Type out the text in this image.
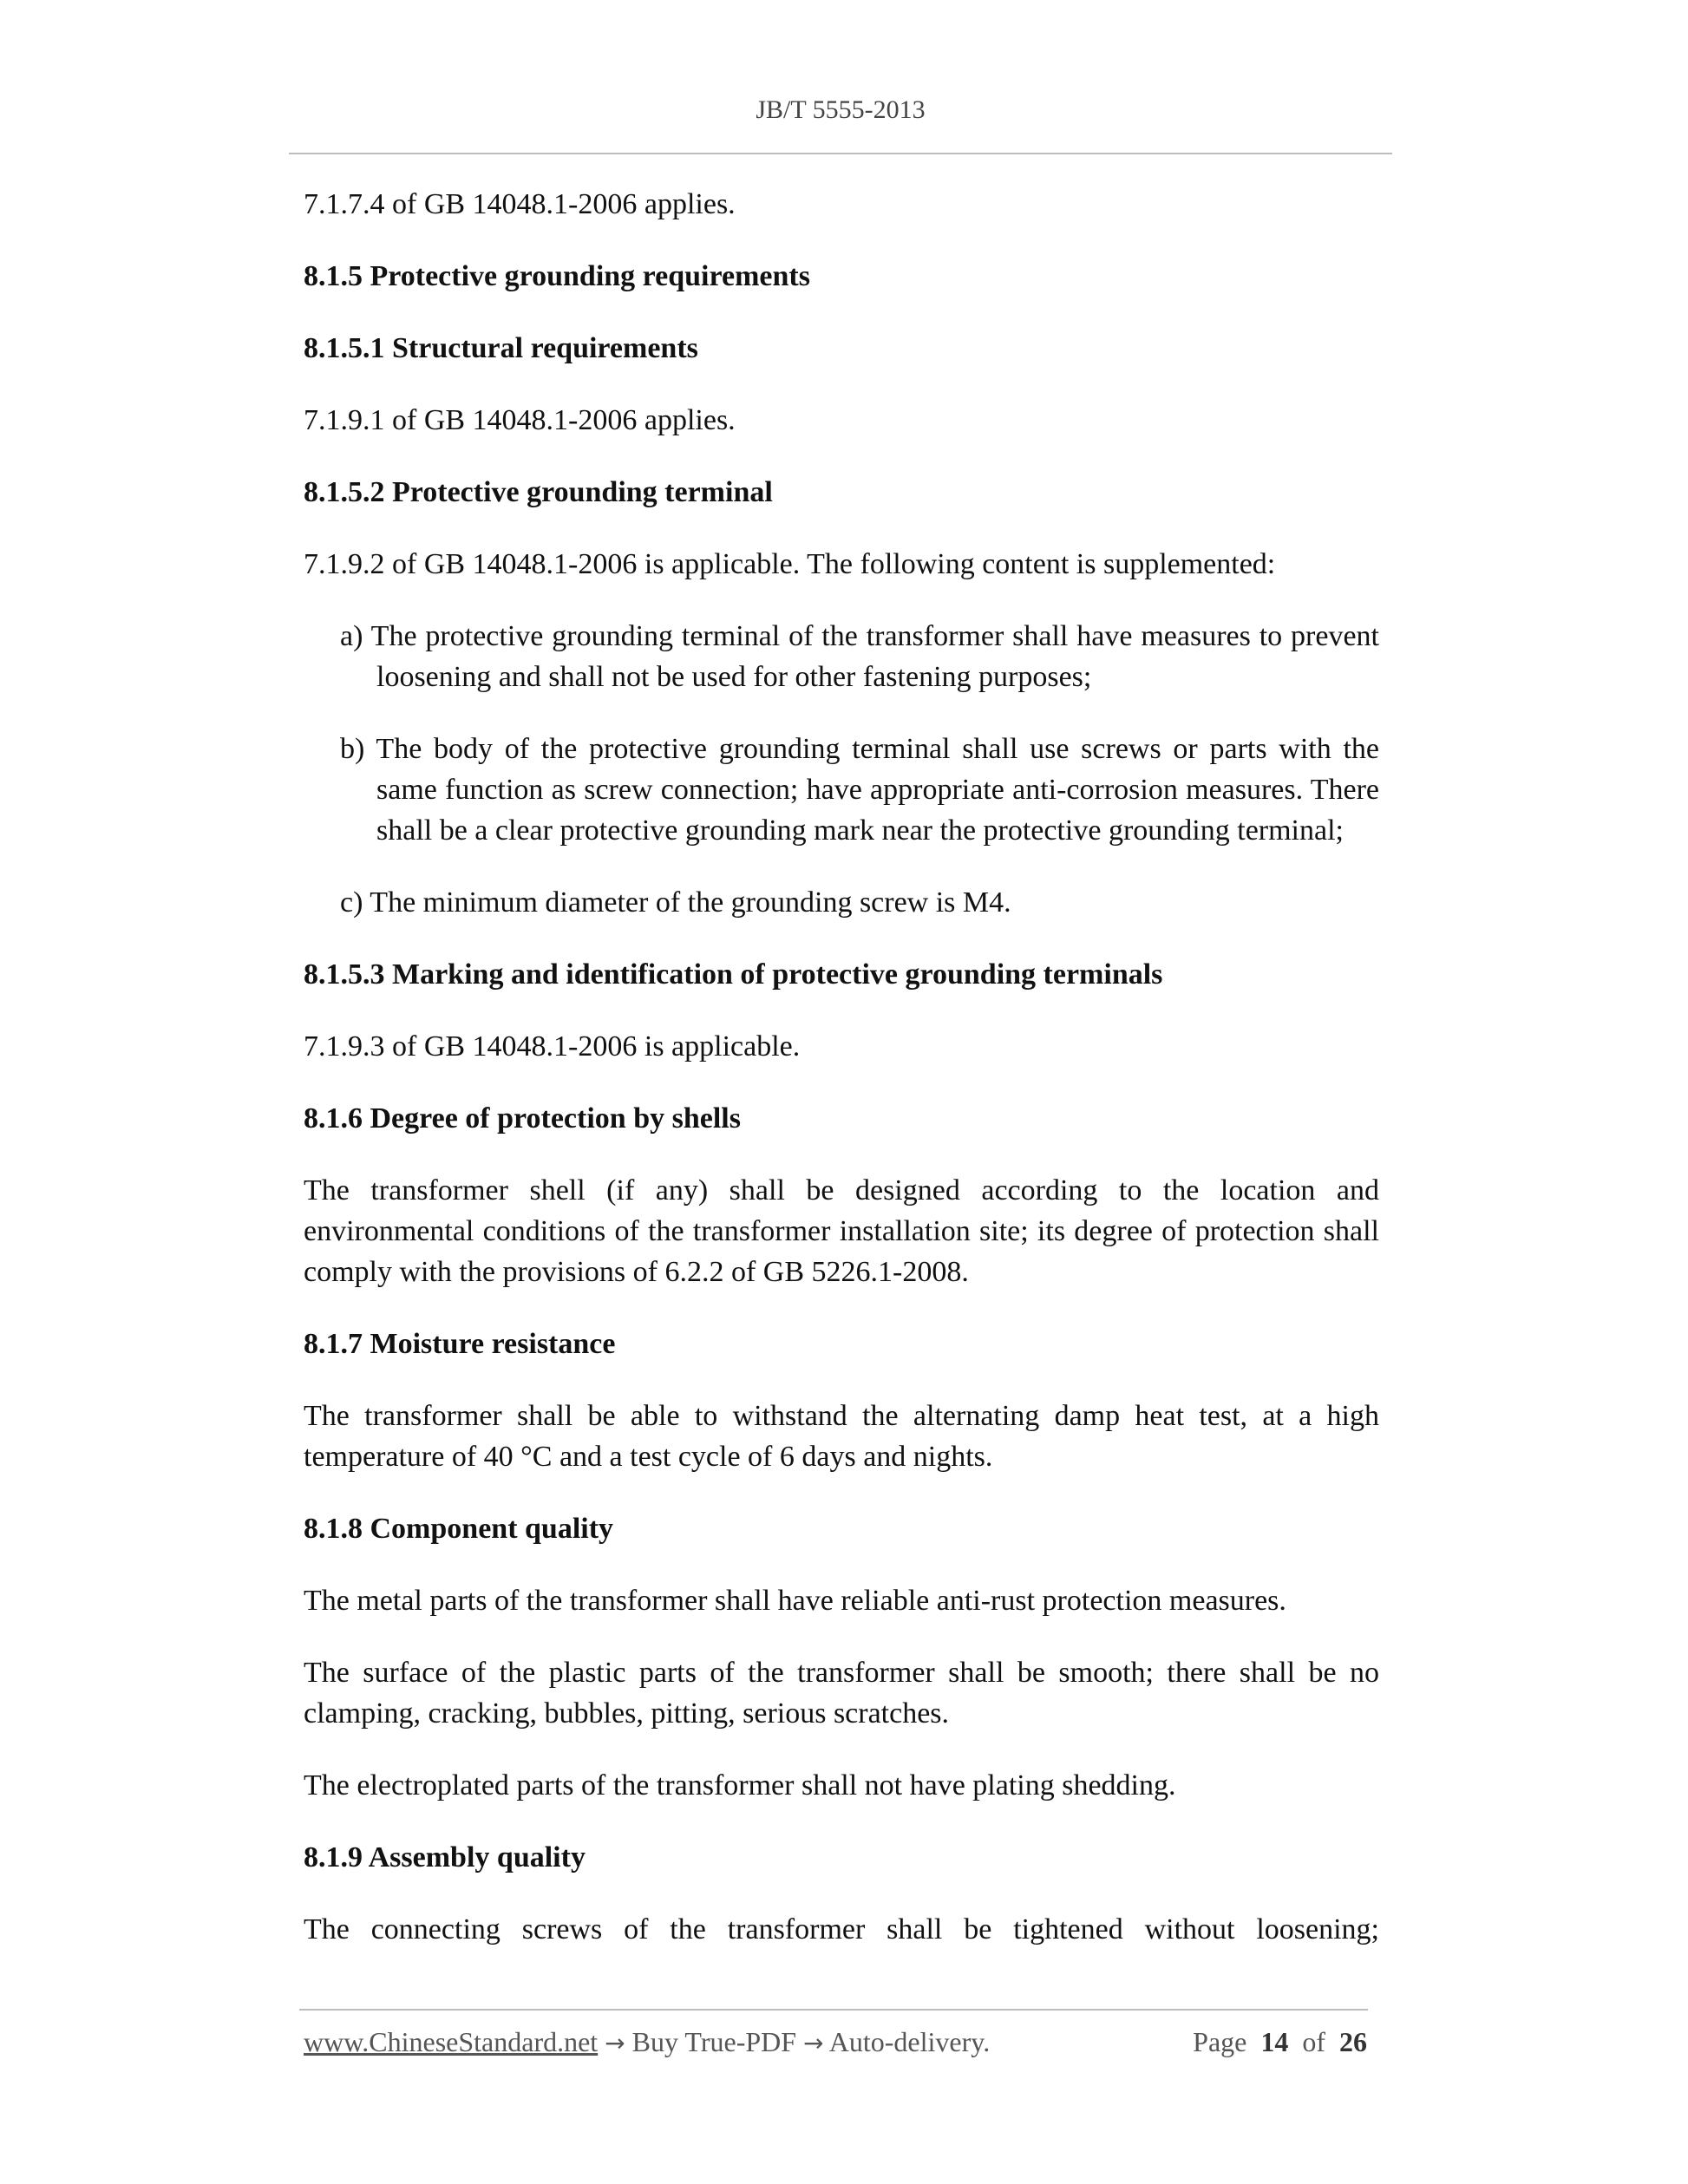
JB/T 5555-2013

7.1.7.4 of GB 14048.1-2006 applies.

8.1.5 Protective grounding requirements

8.1.5.1 Structural requirements

7.1.9.1 of GB 14048.1-2006 applies.

8.1.5.2 Protective grounding terminal

7.1.9.2 of GB 14048.1-2006 is applicable. The following content is supplemented:

a) The protective grounding terminal of the transformer shall have measures to prevent loosening and shall not be used for other fastening purposes;

b) The body of the protective grounding terminal shall use screws or parts with the same function as screw connection; have appropriate anti-corrosion measures. There shall be a clear protective grounding mark near the protective grounding terminal;

c) The minimum diameter of the grounding screw is M4.

8.1.5.3 Marking and identification of protective grounding terminals

7.1.9.3 of GB 14048.1-2006 is applicable.

8.1.6 Degree of protection by shells

The transformer shell (if any) shall be designed according to the location and environmental conditions of the transformer installation site; its degree of protection shall comply with the provisions of 6.2.2 of GB 5226.1-2008.

8.1.7 Moisture resistance

The transformer shall be able to withstand the alternating damp heat test, at a high temperature of 40 °C and a test cycle of 6 days and nights.

8.1.8 Component quality

The metal parts of the transformer shall have reliable anti-rust protection measures.

The surface of the plastic parts of the transformer shall be smooth; there shall be no clamping, cracking, bubbles, pitting, serious scratches.

The electroplated parts of the transformer shall not have plating shedding.

8.1.9 Assembly quality

The connecting screws of the transformer shall be tightened without loosening;

www.ChineseStandard.net → Buy True-PDF → Auto-delivery.	Page 14 of 26
